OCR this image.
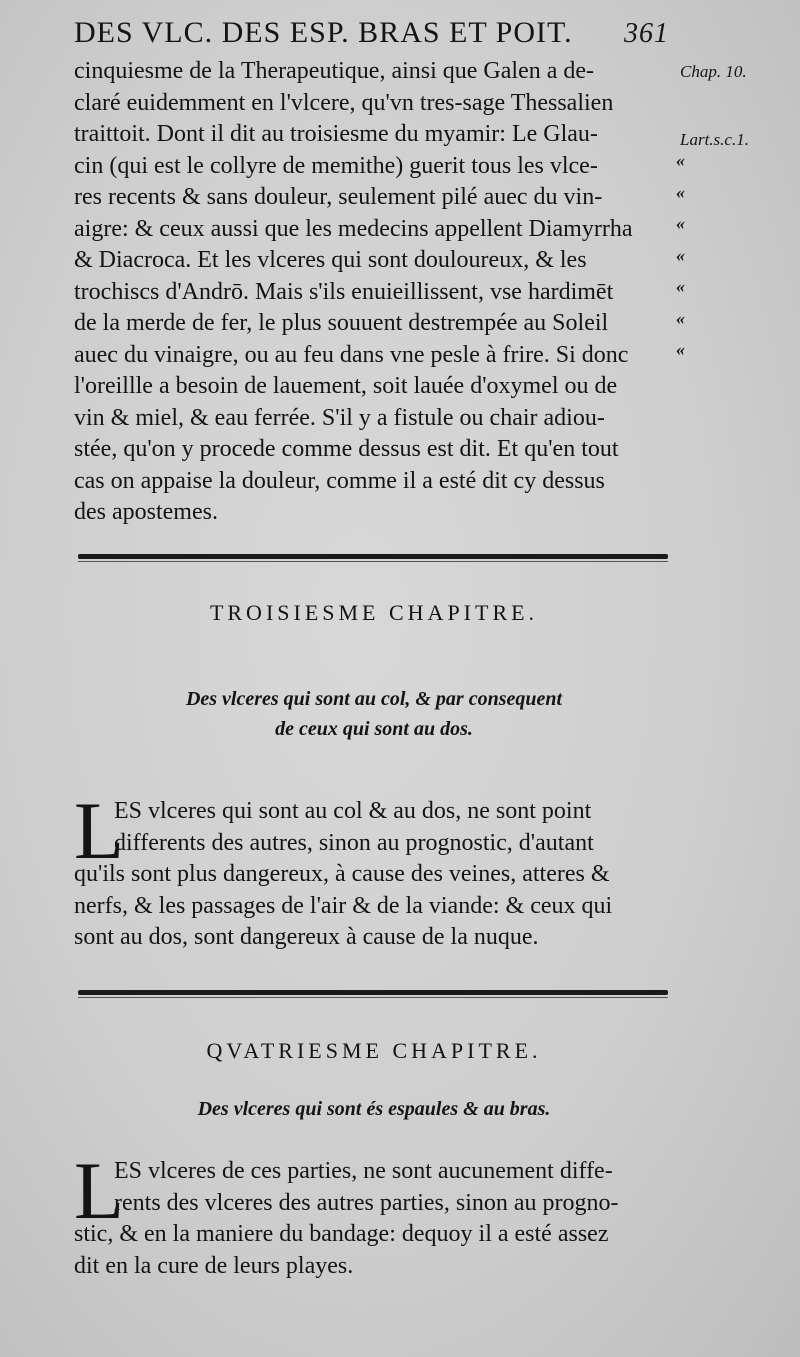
DES VLC. DES ESP. BRAS ET POIT. 361
Chap. 10.
Lart.s.c.1.
«
«
«
«
«
«
«
cinquiesme de la Therapeutique, ainsi que Galen a de-
claré euidemment en l'vlcere, qu'vn tres-sage Thessalien
traittoit. Dont il dit au troisiesme du myamir: Le Glau-
cin (qui est le collyre de memithe) guerit tous les vlce-
res recents & sans douleur, seulement pilé auec du vin-
aigre: & ceux aussi que les medecins appellent Diamyrrha
& Diacroca. Et les vlceres qui sont douloureux, & les
trochiscs d'Andrō. Mais s'ils enuieillissent, vse hardimēt
de la merde de fer, le plus souuent destrempée au Soleil
auec du vinaigre, ou au feu dans vne pesle à frire. Si donc
l'oreillle a besoin de lauement, soit lauée d'oxymel ou de
vin & miel, & eau ferrée. S'il y a fistule ou chair adiou-
stée, qu'on y procede comme dessus est dit. Et qu'en tout
cas on appaise la douleur, comme il a esté dit cy dessus
des apostemes.
TROISIESME CHAPITRE.
Des vlceres qui sont au col, & par consequent
de ceux qui sont au dos.
L
ES vlceres qui sont au col & au dos, ne sont point
differents des autres, sinon au prognostic, d'autant
qu'ils sont plus dangereux, à cause des veines, atteres &
nerfs, & les passages de l'air & de la viande: & ceux qui
sont au dos, sont dangereux à cause de la nuque.
QVATRIESME CHAPITRE.
Des vlceres qui sont és espaules & au bras.
L
ES vlceres de ces parties, ne sont aucunement diffe-
rents des vlceres des autres parties, sinon au progno-
stic, & en la maniere du bandage: dequoy il a esté assez
dit en la cure de leurs playes.
